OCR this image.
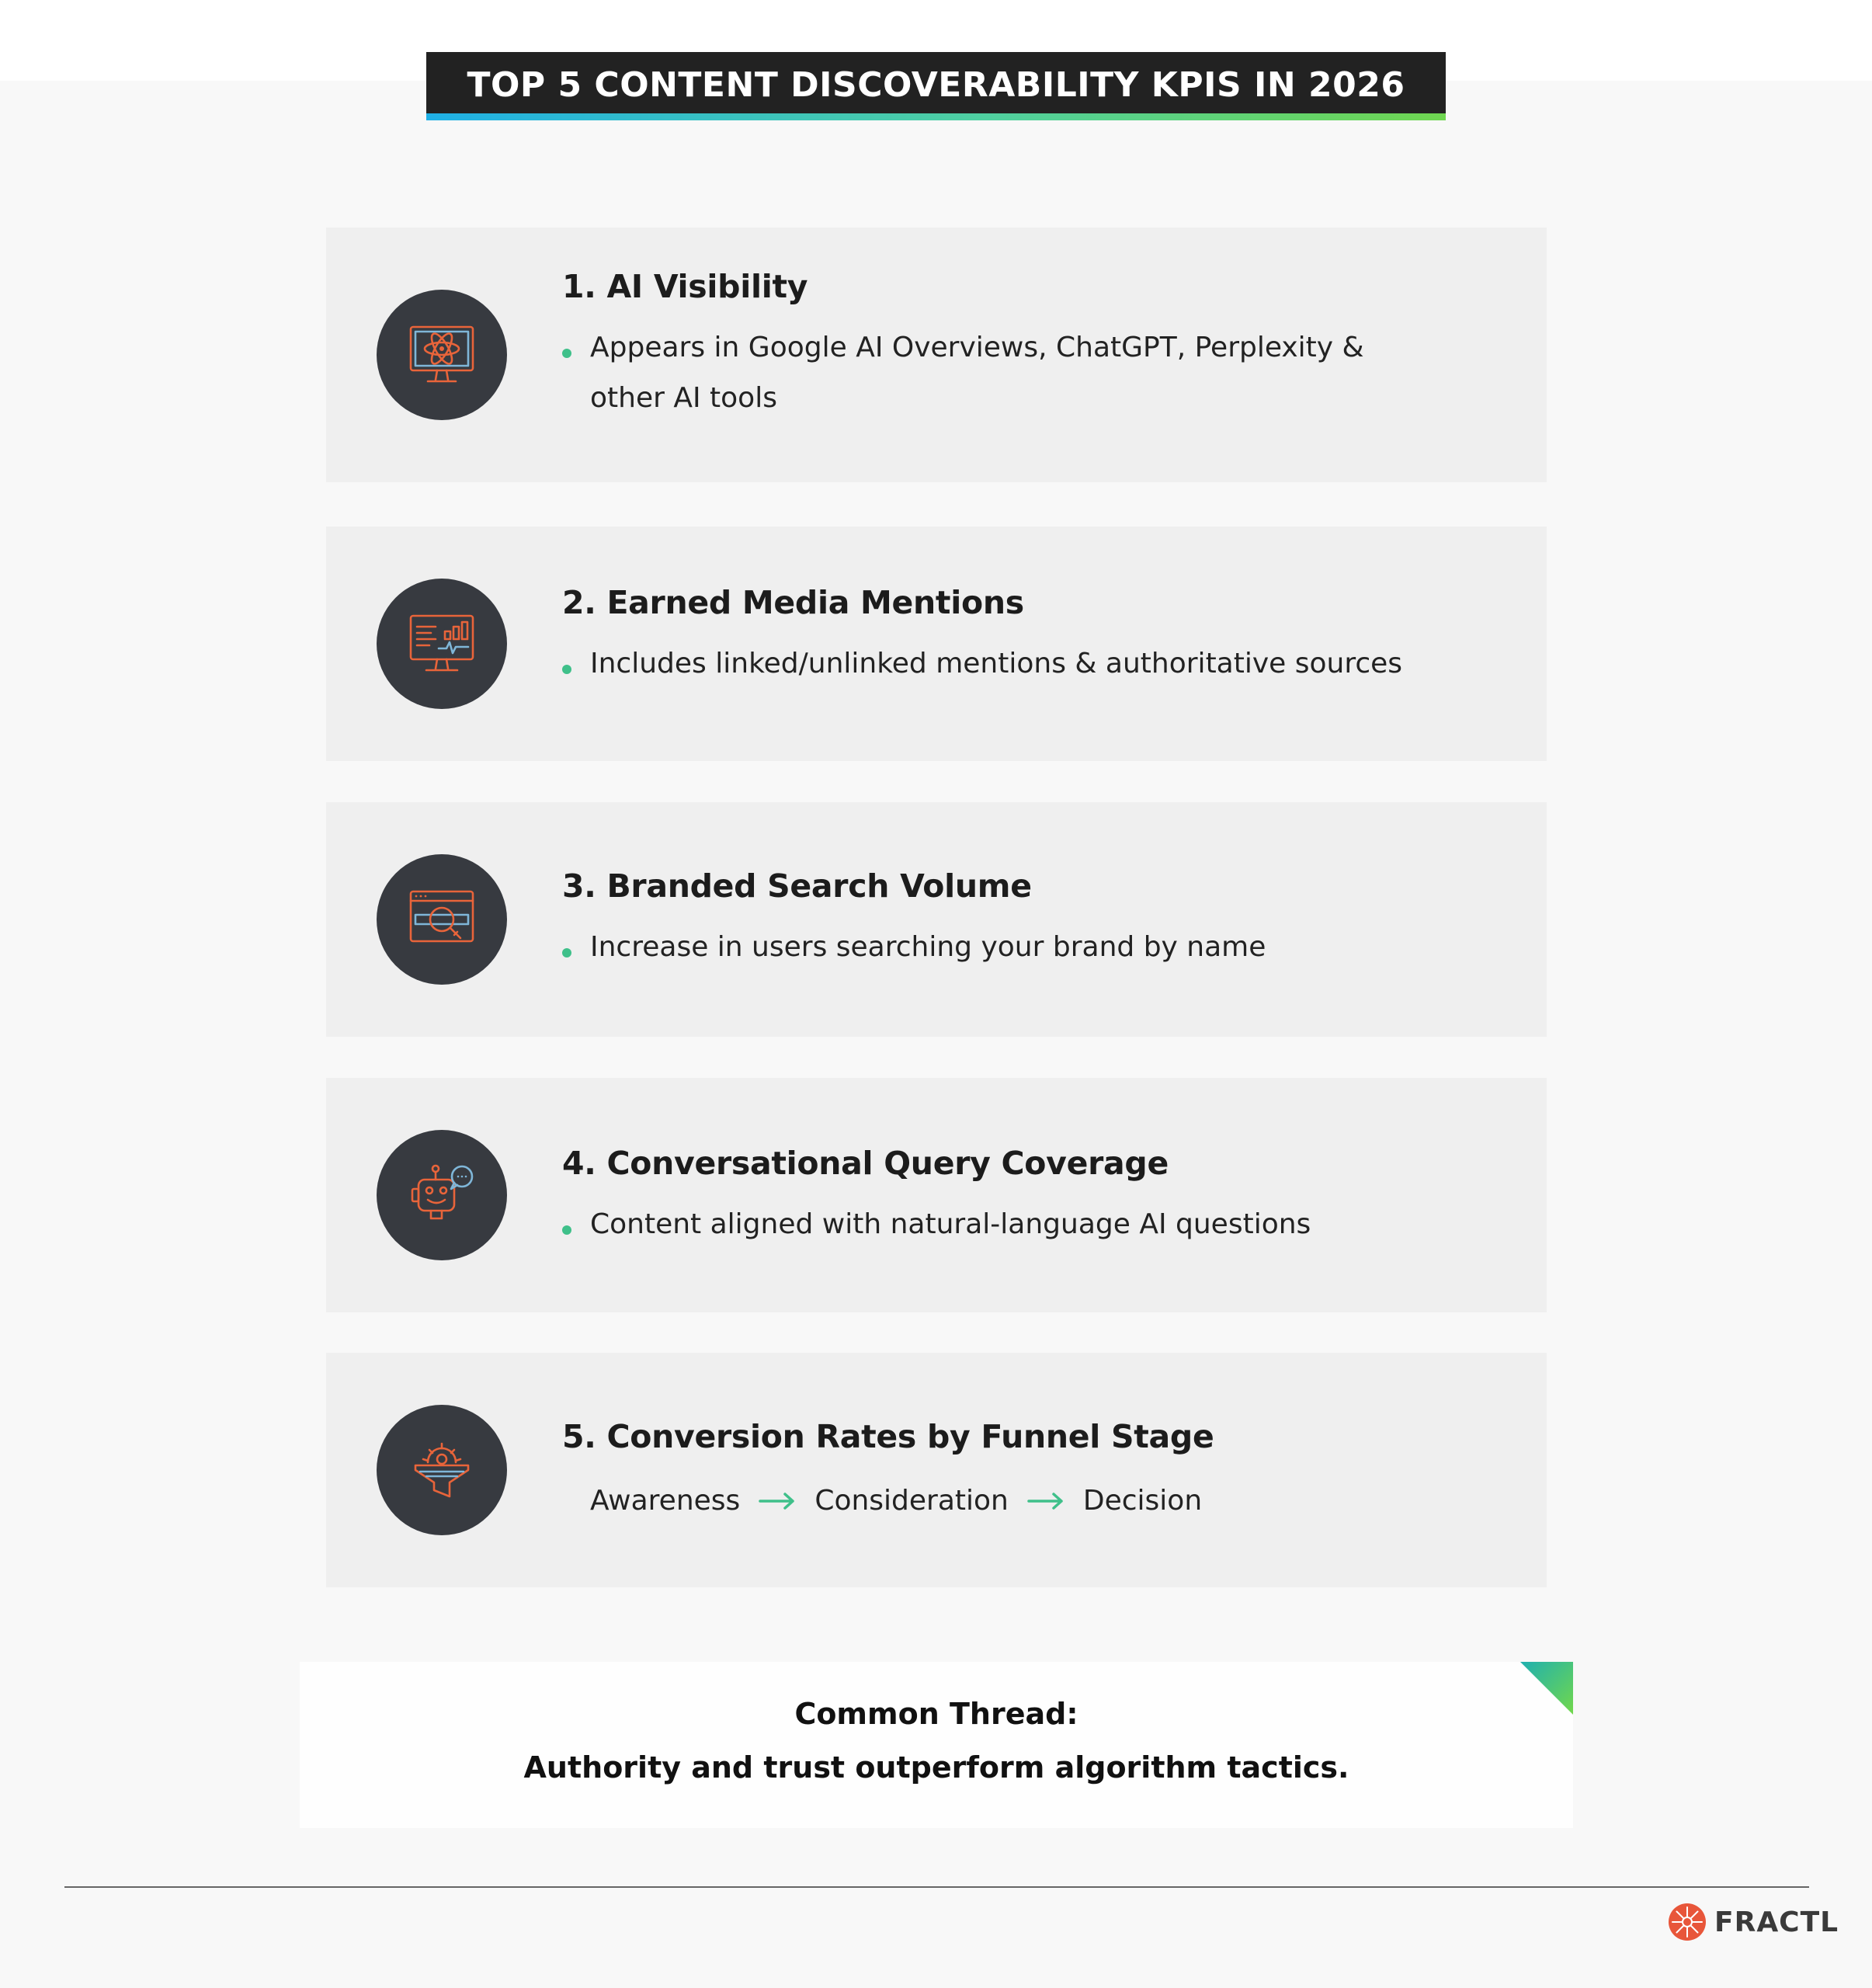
TOP 5 CONTENT DISCOVERABILITY KPIS IN 2026
1. AI Visibility
Appears in Google AI Overviews, ChatGPT, Perplexity & other AI tools
2. Earned Media Mentions
Includes linked/unlinked mentions & authoritative sources
3. Branded Search Volume
Increase in users searching your brand by name
4. Conversational Query Coverage
Content aligned with natural-language AI questions
5. Conversion Rates by Funnel Stage
Awareness	Consideration	Decision
Common Thread:
Authority and trust outperform algorithm tactics.
FRACTL
